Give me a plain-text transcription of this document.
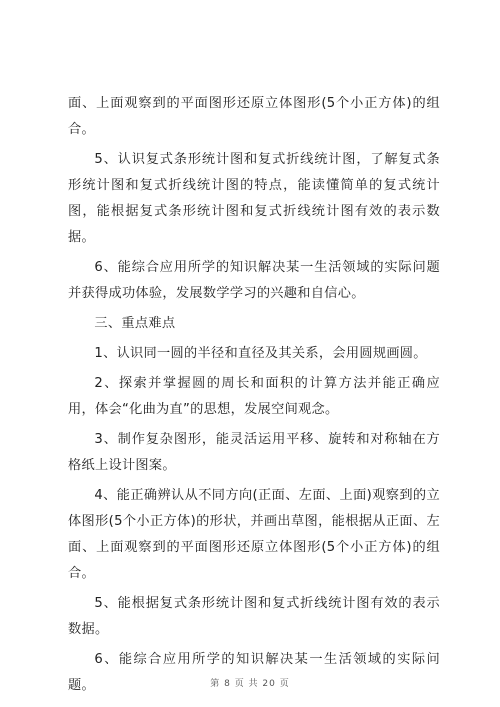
面、上面观察到的平面图形还原立体图形(5个小正方体)的组合。

5、认识复式条形统计图和复式折线统计图，了解复式条形统计图和复式折线统计图的特点，能读懂简单的复式统计图，能根据复式条形统计图和复式折线统计图有效的表示数据。

6、能综合应用所学的知识解决某一生活领域的实际问题并获得成功体验，发展数学学习的兴趣和自信心。

三、重点难点

1、认识同一圆的半径和直径及其关系，会用圆规画圆。

2、探索并掌握圆的周长和面积的计算方法并能正确应用，体会“化曲为直”的思想，发展空间观念。

3、制作复杂图形，能灵活运用平移、旋转和对称轴在方格纸上设计图案。

4、能正确辨认从不同方向(正面、左面、上面)观察到的立体图形(5个小正方体)的形状，并画出草图，能根据从正面、左面、上面观察到的平面图形还原立体图形(5个小正方体)的组合。

5、能根据复式条形统计图和复式折线统计图有效的表示数据。

6、能综合应用所学的知识解决某一生活领域的实际问题。	第 8 页 共 20 页
